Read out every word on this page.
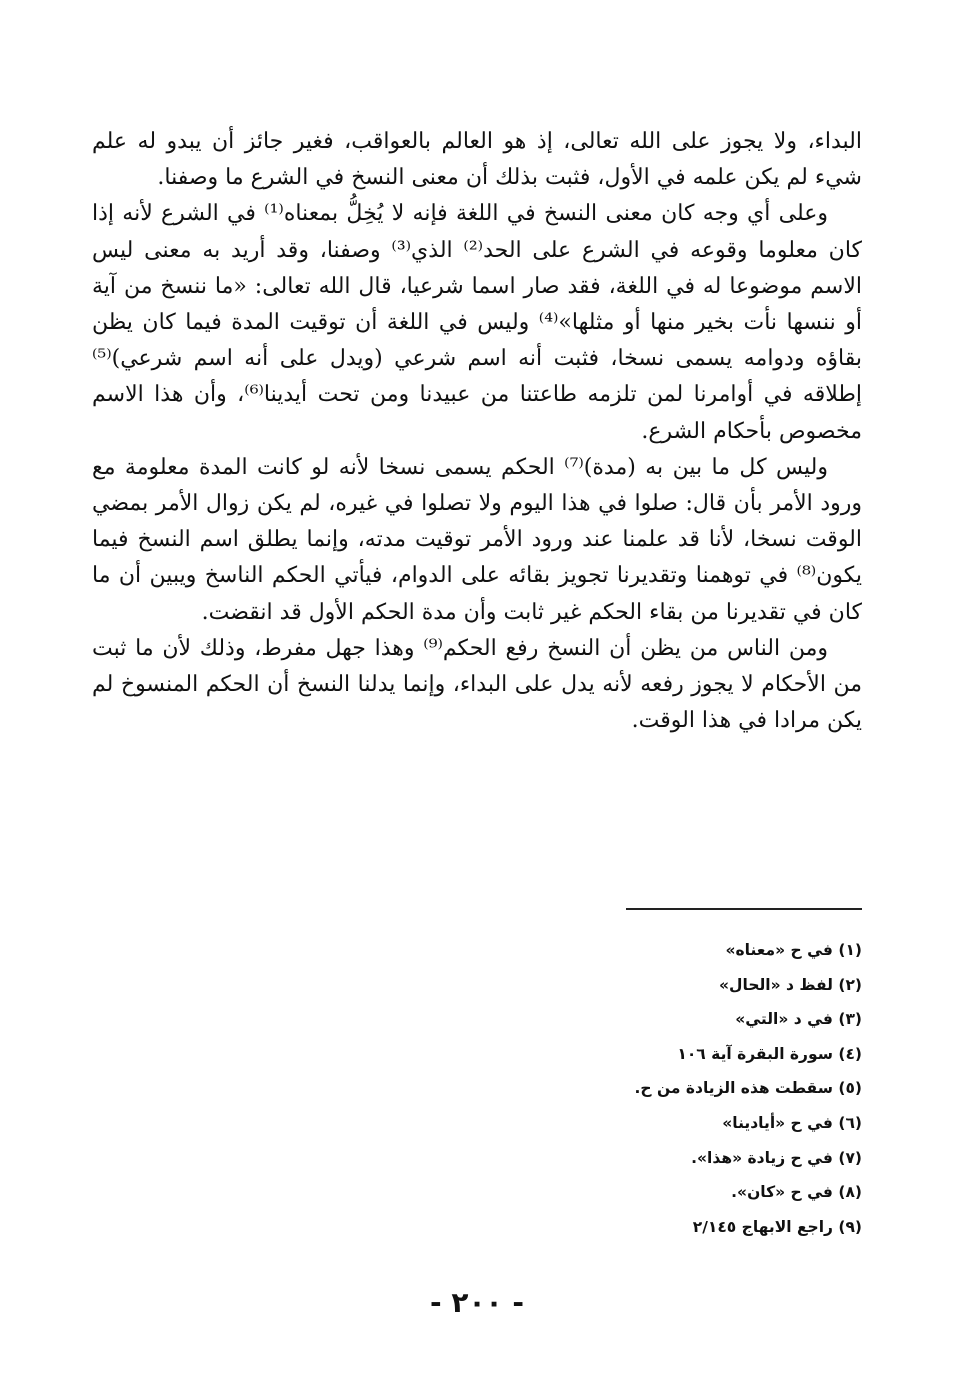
البداء، ولا يجوز على الله تعالى، إذ هو العالم بالعواقب، فغير جائز أن يبدو له علم شيء لم يكن علمه في الأول، فثبت بذلك أن معنى النسخ في الشرع ما وصفنا.

وعلى أي وجه كان معنى النسخ في اللغة فإنه لا يُخِلُّ بمعناه⁽¹⁾ في الشرع لأنه إذا كان معلوما وقوعه في الشرع على الحد⁽²⁾ الذي⁽³⁾ وصفنا، وقد أريد به معنى ليس الاسم موضوعا له في اللغة، فقد صار اسما شرعيا، قال الله تعالى: «ما ننسخ من آية أو ننسها نأت بخير منها أو مثلها»⁽⁴⁾ وليس في اللغة أن توقيت المدة فيما كان يظن بقاؤه ودوامه يسمى نسخا، فثبت أنه اسم شرعي (ويدل على أنه اسم شرعي)⁽⁵⁾ إطلاقه في أوامرنا لمن تلزمه طاعتنا من عبيدنا ومن تحت أيدينا⁽⁶⁾، وأن هذا الاسم مخصوص بأحكام الشرع.

وليس كل ما بين به (مدة)⁽⁷⁾ الحكم يسمى نسخا لأنه لو كانت المدة معلومة مع ورود الأمر بأن قال: صلوا في هذا اليوم ولا تصلوا في غيره، لم يكن زوال الأمر بمضي الوقت نسخا، لأنا قد علمنا عند ورود الأمر توقيت مدته، وإنما يطلق اسم النسخ فيما يكون⁽⁸⁾ في توهمنا وتقديرنا تجويز بقائه على الدوام، فيأتي الحكم الناسخ ويبين أن ما كان في تقديرنا من بقاء الحكم غير ثابت وأن مدة الحكم الأول قد انقضت.

ومن الناس من يظن أن النسخ رفع الحكم⁽⁹⁾ وهذا جهل مفرط، وذلك لأن ما ثبت من الأحكام لا يجوز رفعه لأنه يدل على البداء، وإنما يدلنا النسخ أن الحكم المنسوخ لم يكن مرادا في هذا الوقت.

(١) في ح «معناه»
(٢) لفظ د «الحال»
(٣) في د «التي»
(٤) سورة البقرة آية ١٠٦
(٥) سقطت هذه الزيادة من ح.
(٦) في ح «أيادينا»
(٧) في ح زيادة «هذا».
(٨) في ح «كان».
(٩) راجع الابهاج ٢/١٤٥
- ٢٠٠ -
